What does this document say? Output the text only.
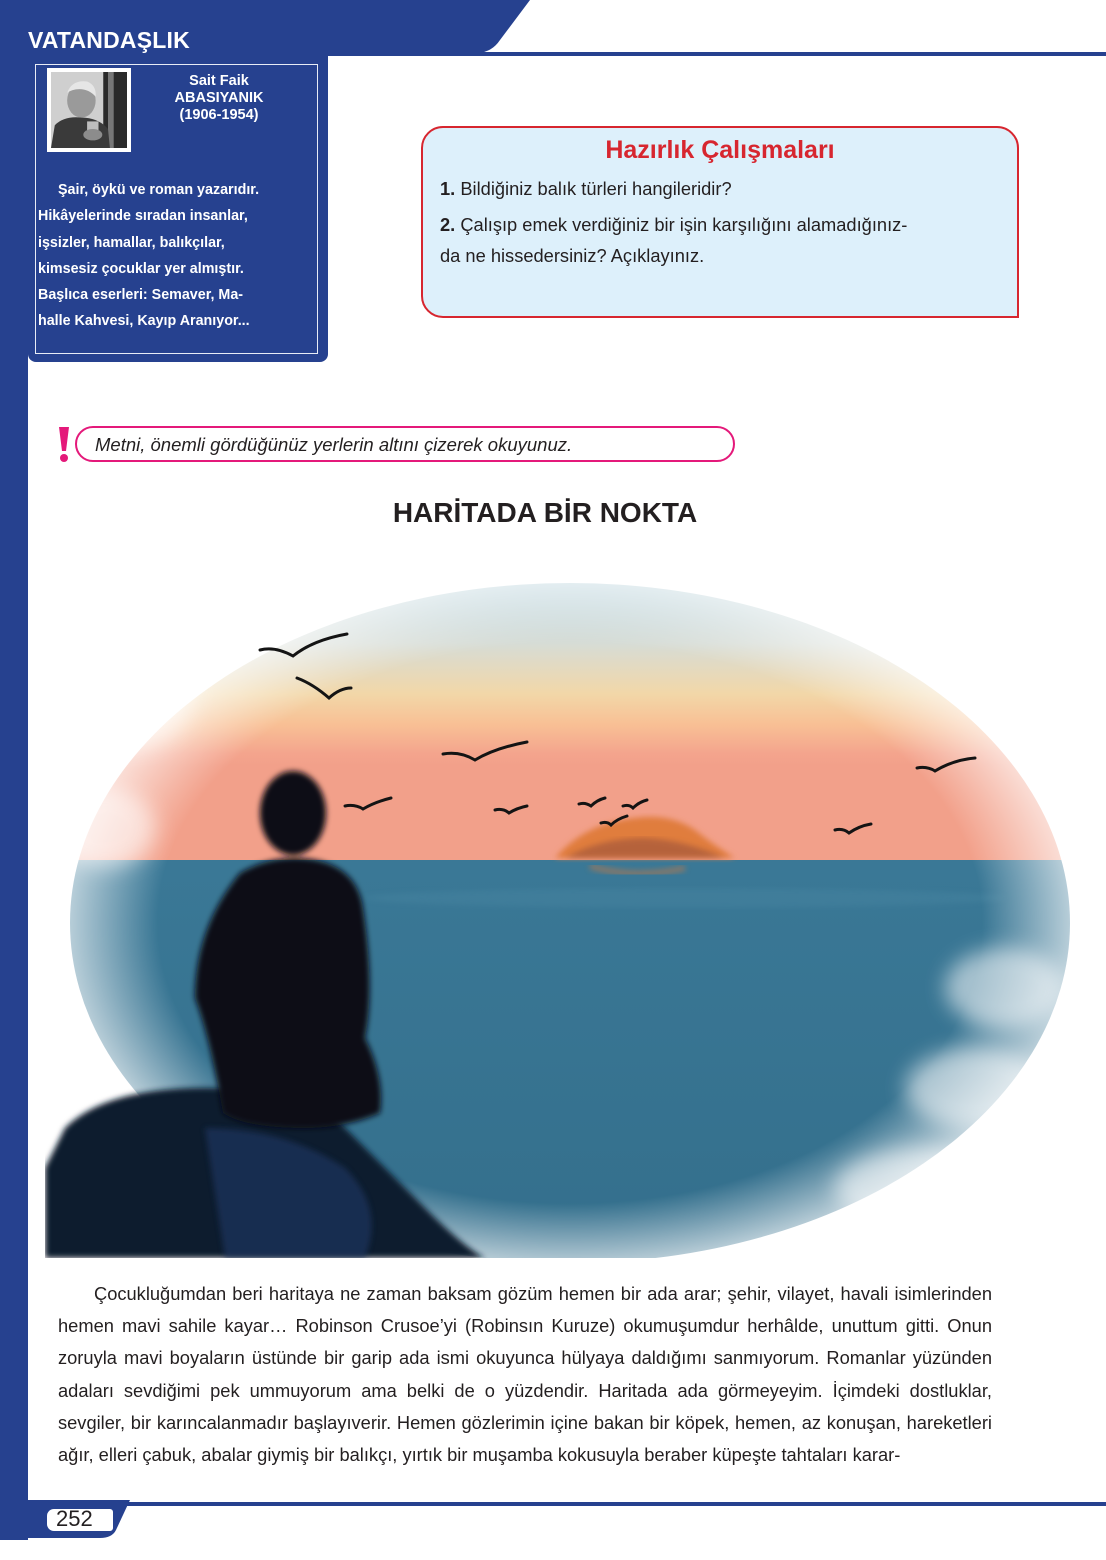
VATANDAŞLIK
Sait Faik
ABASIYANIK
(1906-1954)
Şair, öykü ve roman yazarıdır.
Hikâyelerinde sıradan insanlar,
işsizler, hamallar, balıkçılar,
kimsesiz çocuklar yer almıştır.
Başlıca eserleri: Semaver, Ma-
halle Kahvesi, Kayıp Aranıyor...
Hazırlık Çalışmaları
1. Bildiğiniz balık türleri hangileridir?
2. Çalışıp emek verdiğiniz bir işin karşılığını alamadığınız-
da ne hissedersiniz? Açıklayınız.
Metni, önemli gördüğünüz yerlerin altını çizerek okuyunuz.
HARİTADA BİR NOKTA

Çocukluğumdan beri haritaya ne zaman baksam gözüm hemen bir ada arar; şehir, vilayet, havali isimlerinden hemen mavi sahile kayar… Robinson Crusoe’yi (Robinsın Kuruze) okumuşumdur herhâlde, unuttum gitti. Onun zoruyla mavi boyaların üstünde bir garip ada ismi okuyunca hülyaya daldığımı sanmıyorum. Romanlar yüzünden adaları sevdiğimi pek ummuyorum ama belki de o yüzdendir. Haritada ada görmeyeyim. İçimdeki dostluklar, sevgiler, bir karıncalanmadır başlayıverir. Hemen gözlerimin içine bakan bir köpek, hemen, az konuşan, hareketleri ağır, elleri çabuk, abalar giymiş bir balıkçı, yırtık bir muşamba kokusuyla beraber küpeşte tahtaları karar-

252
